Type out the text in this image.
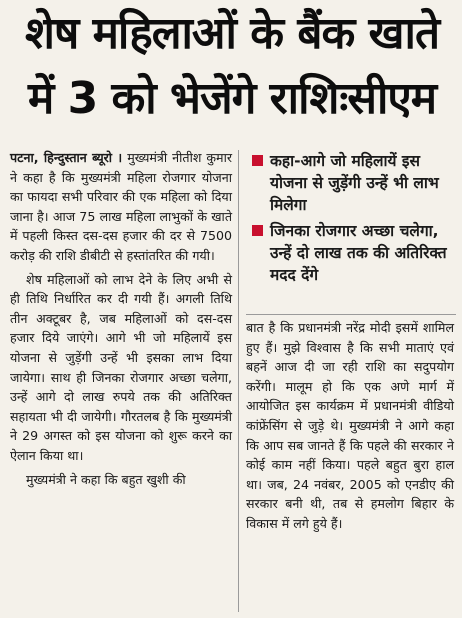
शेष महिलाओं के बैंक खाते
में 3 को भेजेंगे राशिःसीएम

पटना, हिन्दुस्तान ब्यूरो । मुख्यमंत्री नीतीश कुमार ने कहा है कि मुख्यमंत्री महिला रोजगार योजना का फायदा सभी परिवार की एक महिला को दिया जाना है। आज 75 लाख महिला लाभुकों के खाते में पहली किस्त दस-दस हजार की दर से 7500 करोड़ की राशि डीबीटी से हस्तांतरित की गयी।

शेष महिलाओं को लाभ देने के लिए अभी से ही तिथि निर्धारित कर दी गयी हैं। अगली तिथि तीन अक्टूबर है, जब महिलाओं को दस-दस हजार दिये जाएंगे। आगे भी जो महिलायें इस योजना से जुड़ेंगी उन्हें भी इसका लाभ दिया जायेगा। साथ ही जिनका रोजगार अच्छा चलेगा, उन्हें आगे दो लाख रुपये तक की अतिरिक्त सहायता भी दी जायेगी। गौरतलब है कि मुख्यमंत्री ने 29 अगस्त को इस योजना को शुरू करने का ऐलान किया था।

मुख्यमंत्री ने कहा कि बहुत खुशी की

कहा-आगे जो महिलायें इस योजना से जुड़ेंगी उन्हें भी लाभ मिलेगा
जिनका रोजगार अच्छा चलेगा, उन्हें दो लाख तक की अतिरिक्त मदद देंगे

बात है कि प्रधानमंत्री नरेंद्र मोदी इसमें शामिल हुए हैं। मुझे विश्वास है कि सभी माताएं एवं बहनें आज दी जा रही राशि का सदुपयोग करेंगी। मालूम हो कि एक अणे मार्ग में आयोजित इस कार्यक्रम में प्रधानमंत्री वीडियो कांफ्रेंसिंग से जुड़े थे। मुख्यमंत्री ने आगे कहा कि आप सब जानते हैं कि पहले की सरकार ने कोई काम नहीं किया। पहले बहुत बुरा हाल था। जब, 24 नवंबर, 2005 को एनडीए की सरकार बनी थी, तब से हमलोग बिहार के विकास में लगे हुये हैं।
